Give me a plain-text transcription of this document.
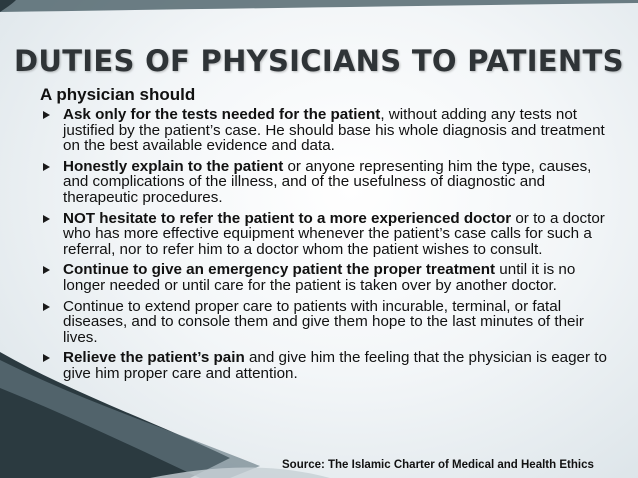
DUTIES OF PHYSICIANS TO PATIENTS
A physician should
Ask only for the tests needed for the patient, without adding any tests not justified by the patient’s case. He should base his whole diagnosis and treatment on the best available evidence and data.
Honestly explain to the patient or anyone representing him the type, causes, and complications of the illness, and of the usefulness of diagnostic and therapeutic procedures.
NOT hesitate to refer the patient to a more experienced doctor or to a doctor who has more effective equipment whenever the patient’s case calls for such a referral, nor to refer him to a doctor whom the patient wishes to consult.
Continue to give an emergency patient the proper treatment until it is no longer needed or until care for the patient is taken over by another doctor.
Continue to extend proper care to patients with incurable, terminal, or fatal diseases, and to console them and give them hope to the last minutes of their lives.
Relieve the patient’s pain and give him the feeling that the physician is eager to give him proper care and attention.
Source: The Islamic Charter of Medical and Health Ethics
